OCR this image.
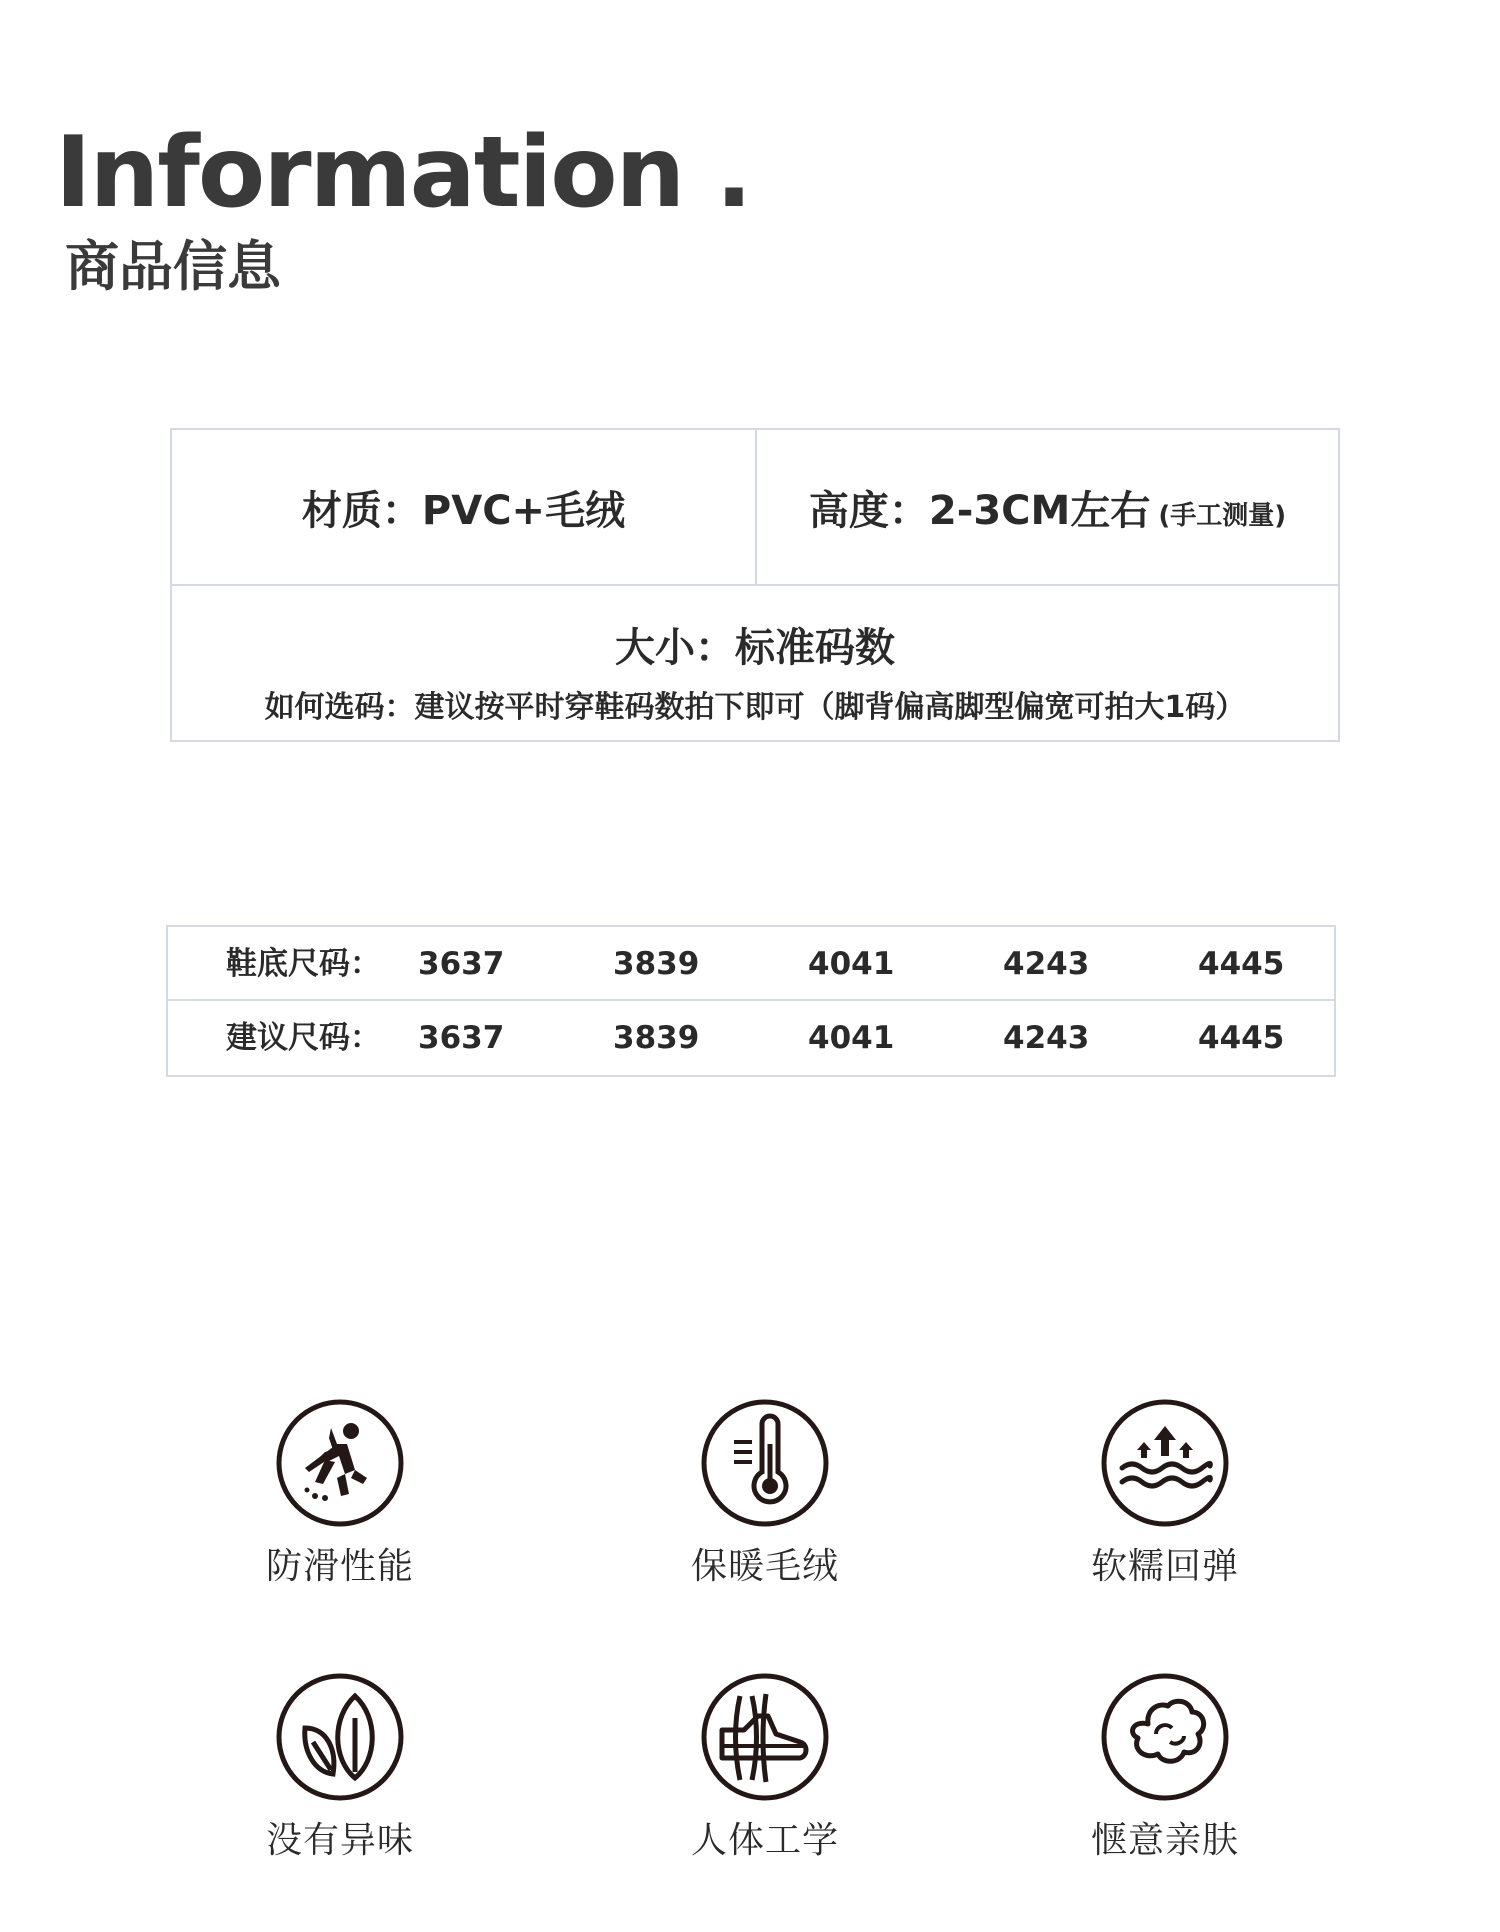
Information .
商品信息
材质：PVC+毛绒	高度：2-3CM左右 (手工测量)
大小：标准码数
如何选码：建议按平时穿鞋码数拍下即可（脚背偏高脚型偏宽可拍大1码）
鞋底尺码： 3637	3839	4041	4243	4445
建议尺码： 3637	3839	4041	4243	4445
防滑性能	保暖毛绒	软糯回弹
没有异味	人体工学	惬意亲肤
